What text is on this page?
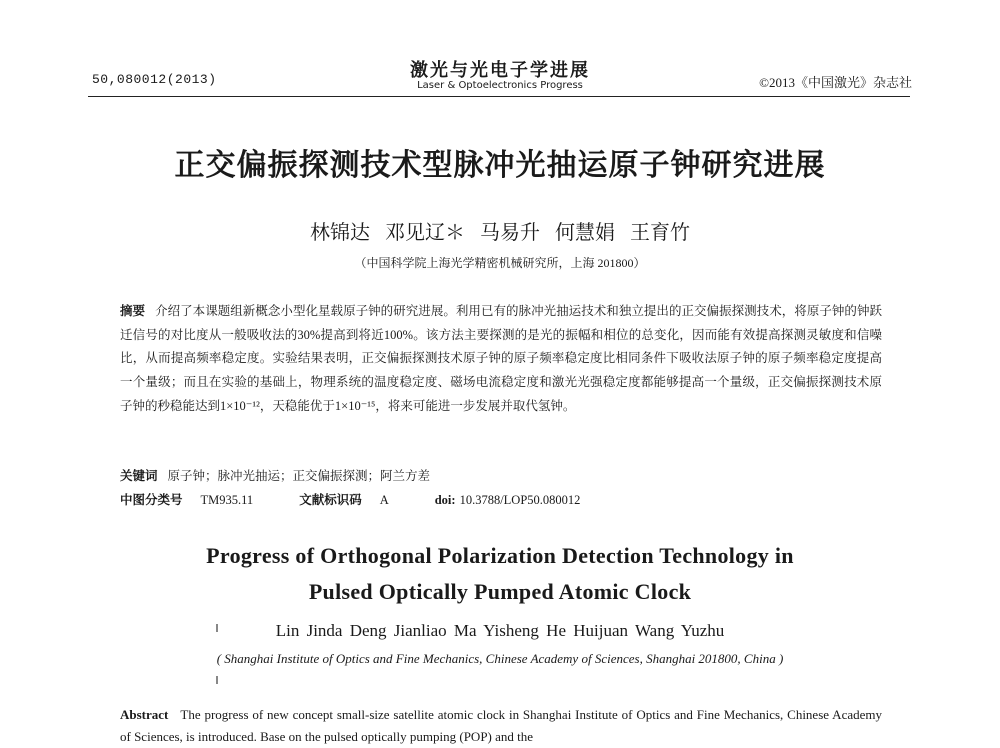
50,080012(2013)	激光与光电子学进展
Laser & Optoelectronics Progress	©2013《中国激光》杂志社
正交偏振探测技术型脉冲光抽运原子钟研究进展
林锦达 邓见辽＊ 马易升 何慧娟 王育竹
（中国科学院上海光学精密机械研究所，上海 201800）
摘要 介绍了本课题组新概念小型化星载原子钟的研究进展。利用已有的脉冲光抽运技术和独立提出的正交偏振探测技术，将原子钟的钟跃迁信号的对比度从一般吸收法的30%提高到将近100%。该方法主要探测的是光的振幅和相位的总变化，因而能有效提高探测灵敏度和信噪比，从而提高频率稳定度。实验结果表明，正交偏振探测技术原子钟的原子频率稳定度比相同条件下吸收法原子钟的原子频率稳定度提高一个量级；而且在实验的基础上，物理系统的温度稳定度、磁场电流稳定度和激光光强稳定度都能够提高一个量级，正交偏振探测技术原子钟的秒稳能达到1×10⁻¹²，天稳能优于1×10⁻¹⁵，将来可能进一步发展并取代氢钟。
关键词 原子钟；脉冲光抽运；正交偏振探测；阿兰方差
中图分类号 TM935.11	文献标识码 A	doi: 10.3788/LOP50.080012
Progress of Orthogonal Polarization Detection Technology in
Pulsed Optically Pumped Atomic Clock
Lin Jinda Deng Jianliao Ma Yisheng He Huijuan Wang Yuzhu
( Shanghai Institute of Optics and Fine Mechanics, Chinese Academy of Sciences, Shanghai 201800, China )
Abstract The progress of new concept small-size satellite atomic clock in Shanghai Institute of Optics and Fine Mechanics, Chinese Academy of Sciences, is introduced. Base on the pulsed optically pumping (POP) and the
